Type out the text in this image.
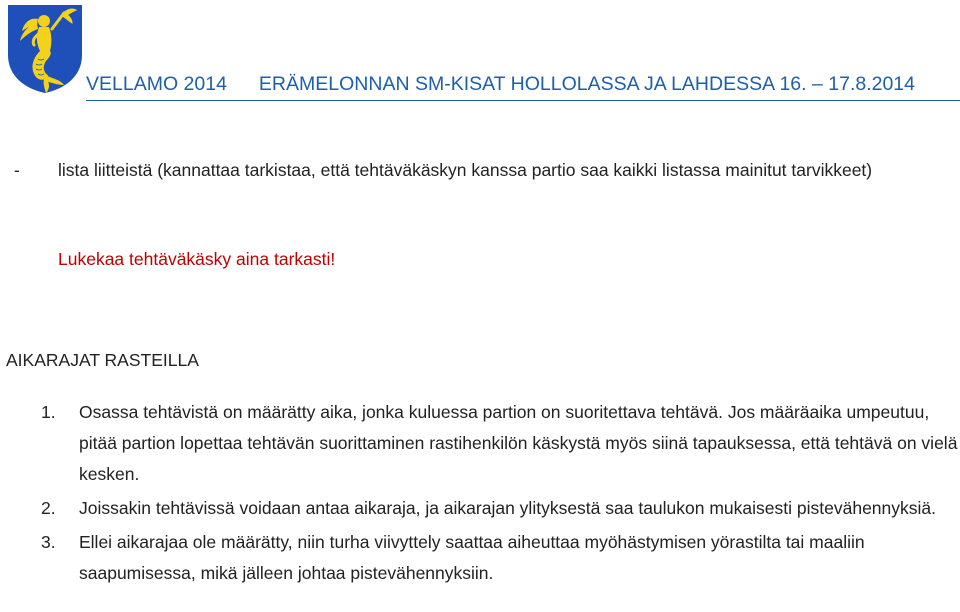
VELLAMO 2014 ERÄMELONNAN SM-KISAT HOLLOLASSA JA LAHDESSA 16. – 17.8.2014
- lista liitteistä (kannattaa tarkistaa, että tehtäväkäskyn kanssa partio saa kaikki listassa mainitut tarvikkeet)
Lukekaa tehtäväkäsky aina tarkasti!
AIKARAJAT RASTEILLA
1. Osassa tehtävistä on määrätty aika, jonka kuluessa partion on suoritettava tehtävä. Jos määräaika umpeutuu, pitää partion lopettaa tehtävän suorittaminen rastihenkilön käskystä myös siinä tapauksessa, että tehtävä on vielä kesken.
2. Joissakin tehtävissä voidaan antaa aikaraja, ja aikarajan ylityksestä saa taulukon mukaisesti pistevähennyksiä.
3. Ellei aikarajaa ole määrätty, niin turha viivyttely saattaa aiheuttaa myöhästymisen yörastilta tai maaliin saapumisessa, mikä jälleen johtaa pistevähennyksiin.
